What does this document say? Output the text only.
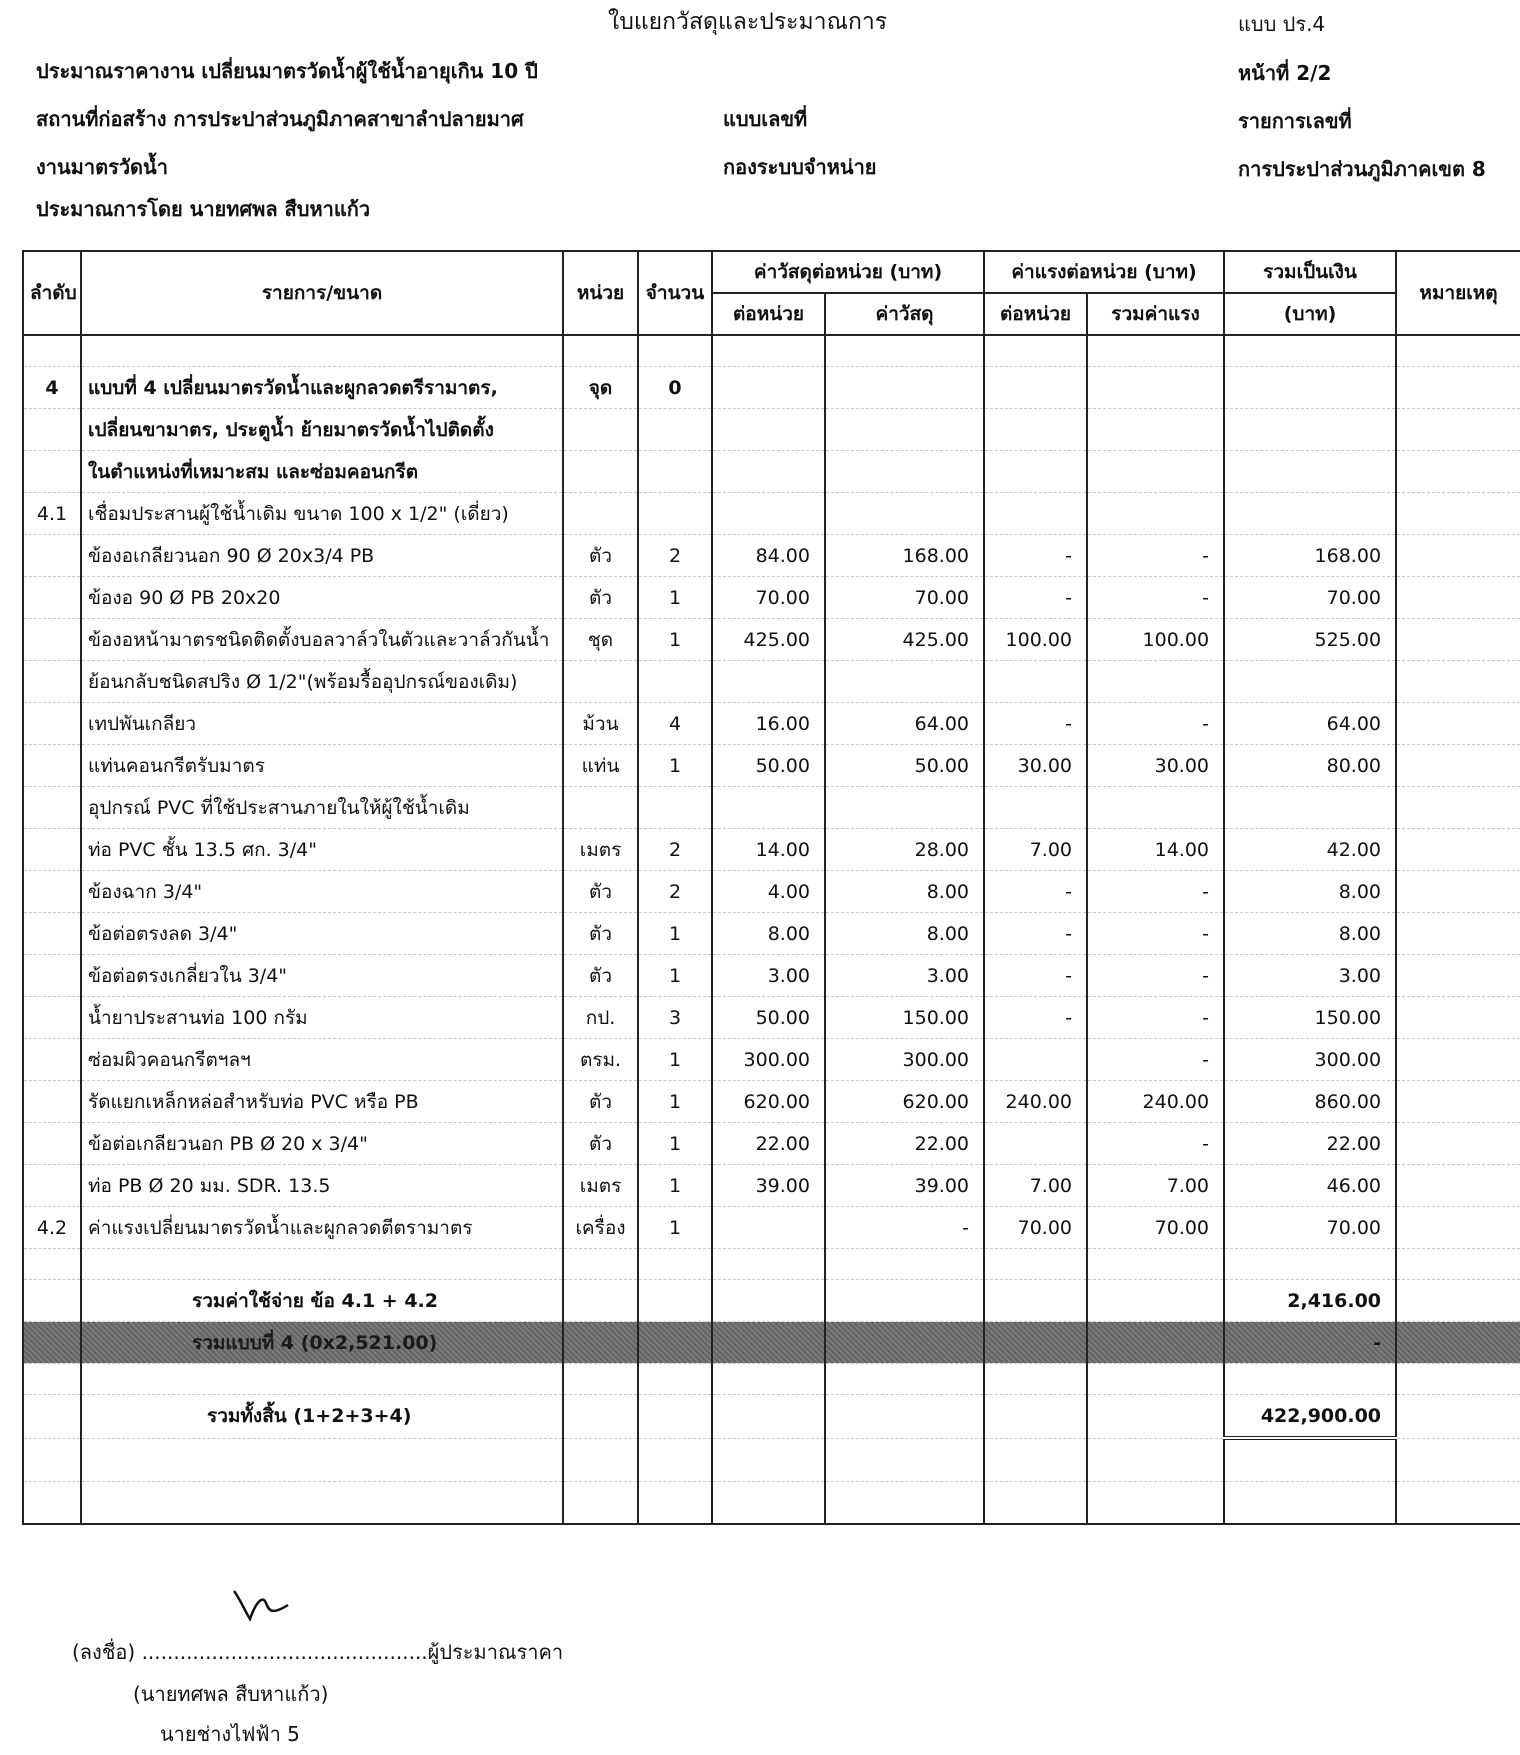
ใบแยกวัสดุและประมาณการ	แบบ ปร.4
ประมาณราคางาน เปลี่ยนมาตรวัดน้ำผู้ใช้น้ำอายุเกิน 10 ปี	หน้าที่ 2/2
สถานที่ก่อสร้าง การประปาส่วนภูมิภาคสาขาลำปลายมาศ	แบบเลขที่	รายการเลขที่
งานมาตรวัดน้ำ	กองระบบจำหน่าย	การประปาส่วนภูมิภาคเขต 8
ประมาณการโดย นายทศพล สืบหาแก้ว
ลำดับ	รายการ/ขนาด	หน่วย	จำนวน	ค่าวัสดุต่อหน่วย (บาท)		ค่าแรงต่อหน่วย (บาท)		รวมเป็นเงิน	หมายเหตุ
				ต่อหน่วย	ค่าวัสดุ	ต่อหน่วย	รวมค่าแรง	(บาท)	

4	แบบที่ 4 เปลี่ยนมาตรวัดน้ำและผูกลวดตรีรามาตร,	จุด	0						
	เปลี่ยนขามาตร, ประตูน้ำ ย้ายมาตรวัดน้ำไปติดตั้ง								
	ในตำแหน่งที่เหมาะสม และซ่อมคอนกรีต								
4.1	เชื่อมประสานผู้ใช้น้ำเดิม ขนาด 100 x 1/2" (เดี่ยว)								
	ข้องอเกลียวนอก 90 Ø 20x3/4 PB	ตัว	2	84.00	168.00	-	-	168.00	
	ข้องอ 90 Ø PB 20x20	ตัว	1	70.00	70.00	-	-	70.00	
	ข้องอหน้ามาตรชนิดติดตั้งบอลวาล์วในตัวและวาล์วกันน้ำ	ชุด	1	425.00	425.00	100.00	100.00	525.00	
	ย้อนกลับชนิดสปริง Ø 1/2"(พร้อมรื้ออุปกรณ์ของเดิม)								
	เทปพันเกลียว	ม้วน	4	16.00	64.00	-	-	64.00	
	แท่นคอนกรีตรับมาตร	แท่น	1	50.00	50.00	30.00	30.00	80.00	
	อุปกรณ์ PVC ที่ใช้ประสานภายในให้ผู้ใช้น้ำเดิม								
	ท่อ PVC ชั้น 13.5 ศก. 3/4"	เมตร	2	14.00	28.00	7.00	14.00	42.00	
	ข้องฉาก 3/4"	ตัว	2	4.00	8.00	-	-	8.00	
	ข้อต่อตรงลด 3/4"	ตัว	1	8.00	8.00	-	-	8.00	
	ข้อต่อตรงเกลี่ยวใน 3/4"	ตัว	1	3.00	3.00	-	-	3.00	
	น้ำยาประสานท่อ 100 กรัม	กป.	3	50.00	150.00	-	-	150.00	
	ซ่อมผิวคอนกรีตฯลฯ	ตรม.	1	300.00	300.00		-	300.00	
	รัดแยกเหล็กหล่อสำหรับท่อ PVC หรือ PB	ตัว	1	620.00	620.00	240.00	240.00	860.00	
	ข้อต่อเกลียวนอก PB Ø 20 x 3/4"	ตัว	1	22.00	22.00		-	22.00	
	ท่อ PB Ø 20 มม. SDR. 13.5	เมตร	1	39.00	39.00	7.00	7.00	46.00	
4.2	ค่าแรงเปลี่ยนมาตรวัดน้ำและผูกลวดตีตรามาตร	เครื่อง	1		-	70.00	70.00	70.00	

	รวมค่าใช้จ่าย ข้อ 4.1 + 4.2							2,416.00	
	รวมแบบที่ 4 (0x2,521.00)							-	

	รวมทั้งสิ้น (1+2+3+4)							422,900.00	

(ลงชื่อ) .............................................ผู้ประมาณราคา
(นายทศพล สืบหาแก้ว)
นายช่างไฟฟ้า 5
